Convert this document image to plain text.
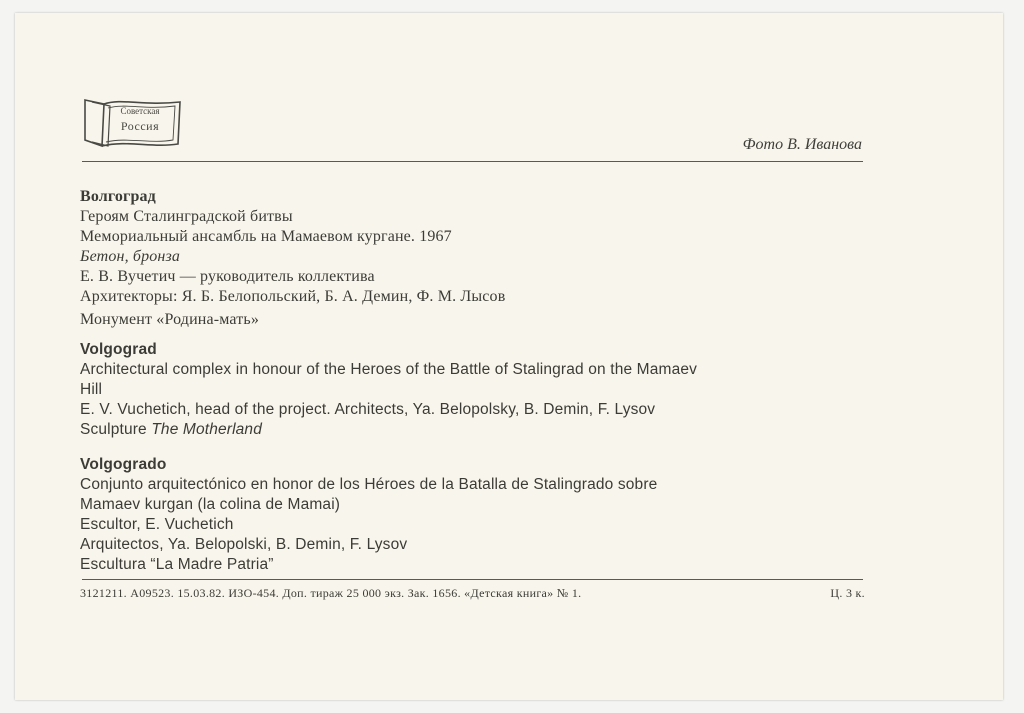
Советская
Россия
Фото В. Иванова
Волгоград
Героям Сталинградской битвы
Мемориальный ансамбль на Мамаевом кургане. 1967
Бетон, бронза
Е. В. Вучетич — руководитель коллектива
Архитекторы: Я. Б. Белопольский, Б. А. Демин, Ф. М. Лысов
Монумент «Родина-мать»
Volgograd
Architectural complex in honour of the Heroes of the Battle of Stalingrad on the Mamaev
Hill
E. V. Vuchetich, head of the project. Architects, Ya. Belopolsky, B. Demin, F. Lysov
Sculpture The Motherland
Volgogrado
Conjunto arquitectónico en honor de los Héroes de la Batalla de Stalingrado sobre
Mamaev kurgan (la colina de Mamai)
Escultor, E. Vuchetich
Arquitectos, Ya. Belopolski, B. Demin, F. Lysov
Escultura “La Madre Patria”
3121211. А09523. 15.03.82. ИЗО-454. Доп. тираж 25 000 экз. Зак. 1656. «Детская книга» № 1.	Ц. 3 к.
